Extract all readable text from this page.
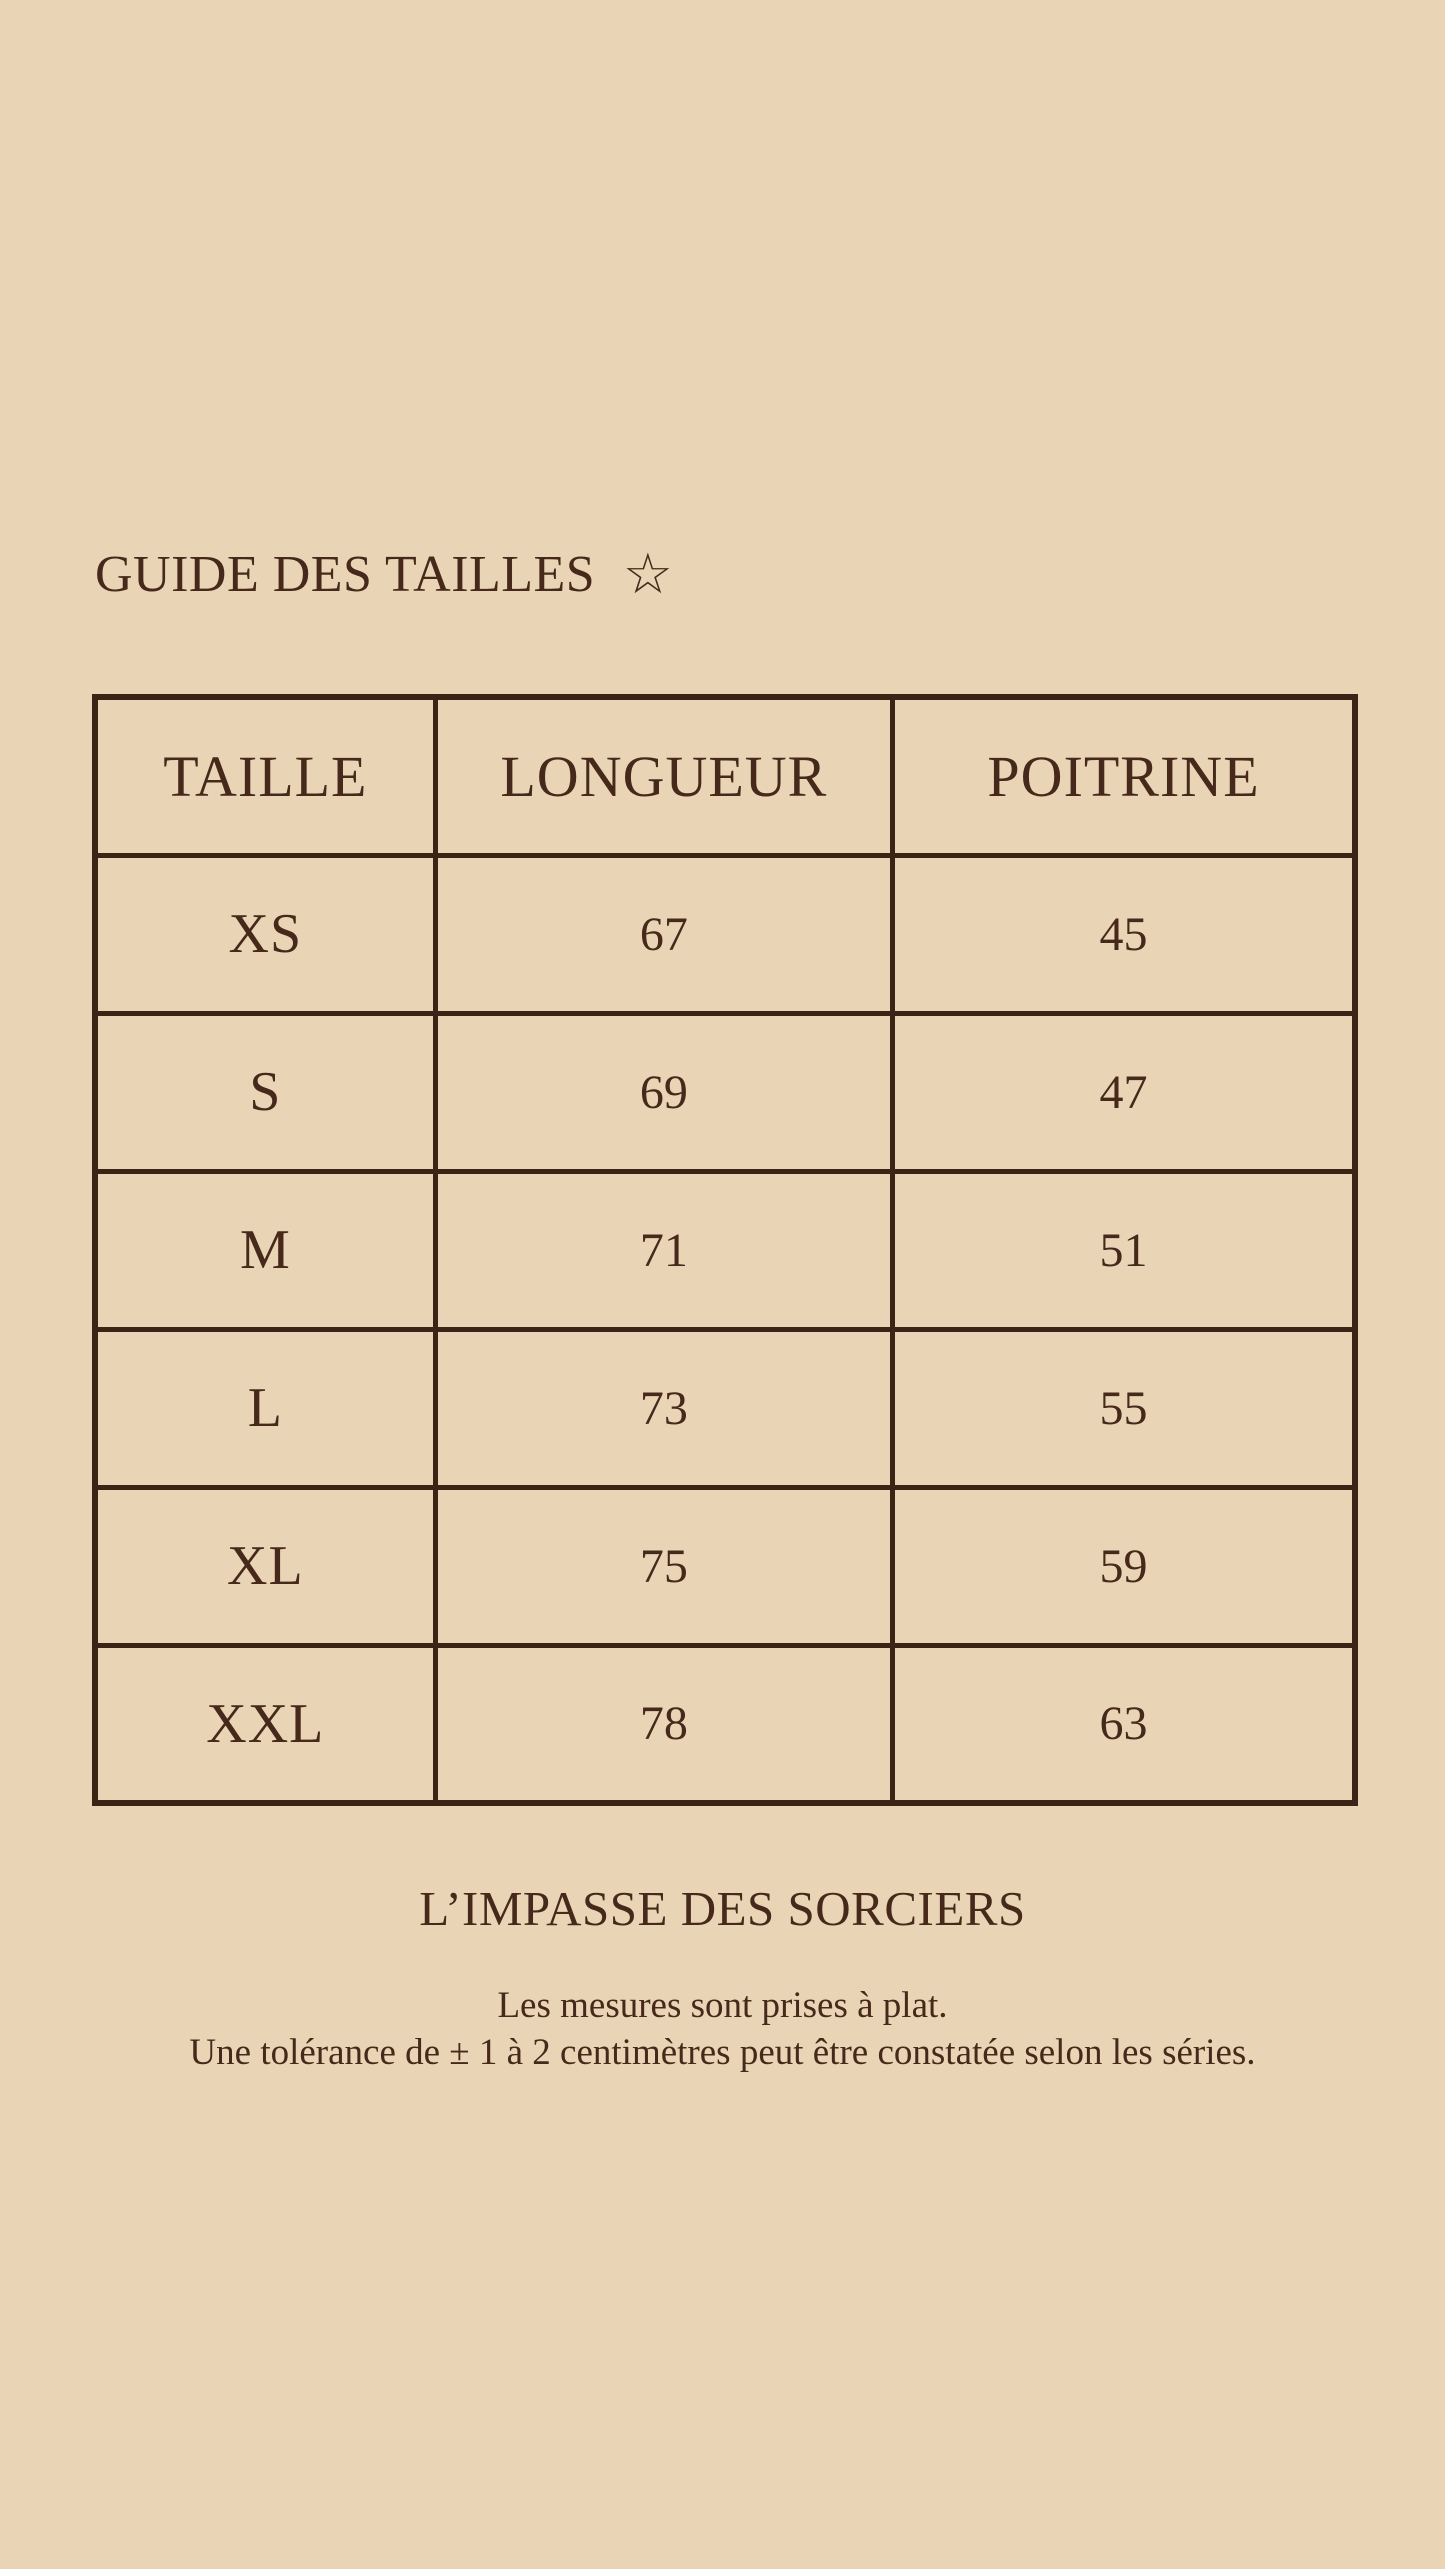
GUIDE DES TAILLES ☆
TAILLE	LONGUEUR	POITRINE
XS	67	45
S	69	47
M	71	51
L	73	55
XL	75	59
XXL	78	63
L’IMPASSE DES SORCIERS
Les mesures sont prises à plat.
Une tolérance de ± 1 à 2 centimètres peut être constatée selon les séries.
